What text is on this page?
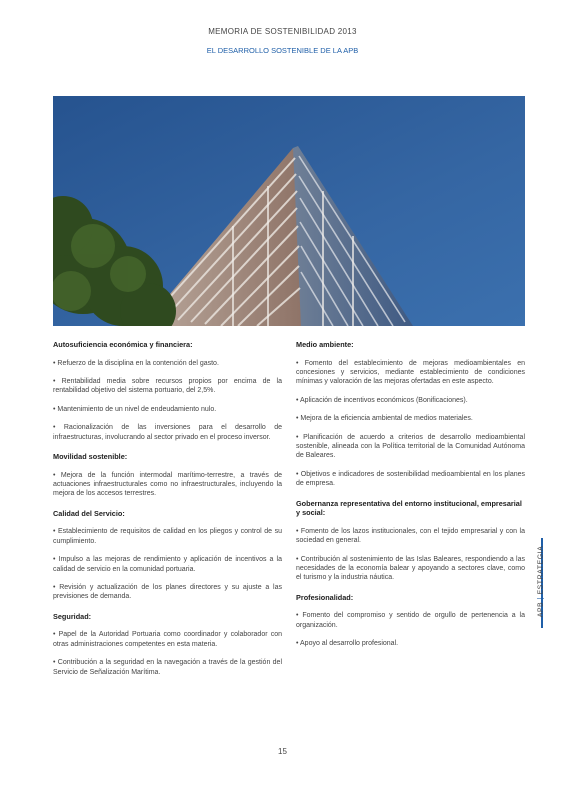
MEMORIA DE SOSTENIBILIDAD 2013
EL DESARROLLO SOSTENIBLE DE LA APB
Autosuficiencia económica y financiera:
• Refuerzo de la disciplina en la contención del gasto.
• Rentabilidad media sobre recursos propios por encima de la rentabilidad objetivo del sistema portuario, del 2,5%.
• Mantenimiento de un nivel de endeudamiento nulo.
• Racionalización de las inversiones para el desarrollo de infraestructuras, involucrando al sector privado en el proceso inversor.
Movilidad sostenible:
• Mejora de la función intermodal marítimo-terrestre, a través de actuaciones infraestructurales como no infraestructurales, incluyendo la mejora de los accesos terrestres.
Calidad del Servicio:
• Establecimiento de requisitos de calidad en los pliegos y control de su cumplimiento.
• Impulso a las mejoras de rendimiento y aplicación de incentivos a la calidad de servicio en la comunidad portuaria.
• Revisión y actualización de los planes directores y su ajuste a las previsiones de demanda.
Seguridad:
• Papel de la Autoridad Portuaria como coordinador y colaborador con otras administraciones competentes en esta materia.
• Contribución a la seguridad en la navegación a través de la gestión del Servicio de Señalización Marítima.
Medio ambiente:
• Fomento del establecimiento de mejoras medioambientales en concesiones y servicios, mediante establecimiento de condiciones mínimas y valoración de las mejoras ofertadas en este aspecto.
• Aplicación de incentivos económicos (Bonificaciones).
• Mejora de la eficiencia ambiental de medios materiales.
• Planificación de acuerdo a criterios de desarrollo medioambiental sostenible, alineada con la Política territorial de la Comunidad Autónoma de Baleares.
• Objetivos e indicadores de sostenibilidad medioambiental en los planes de empresa.
Gobernanza representativa del entorno institucional, empresarial y social:
• Fomento de los lazos institucionales, con el tejido empresarial y con la sociedad en general.
• Contribución al sostenimiento de las Islas Baleares, respondiendo a las necesidades de la economía balear y apoyando a sectores clave, como el turismo y la industria náutica.
Profesionalidad:
• Fomento del compromiso y sentido de orgullo de pertenencia a la organización.
• Apoyo al desarrollo profesional.
APB | ESTRATEGIA
15
